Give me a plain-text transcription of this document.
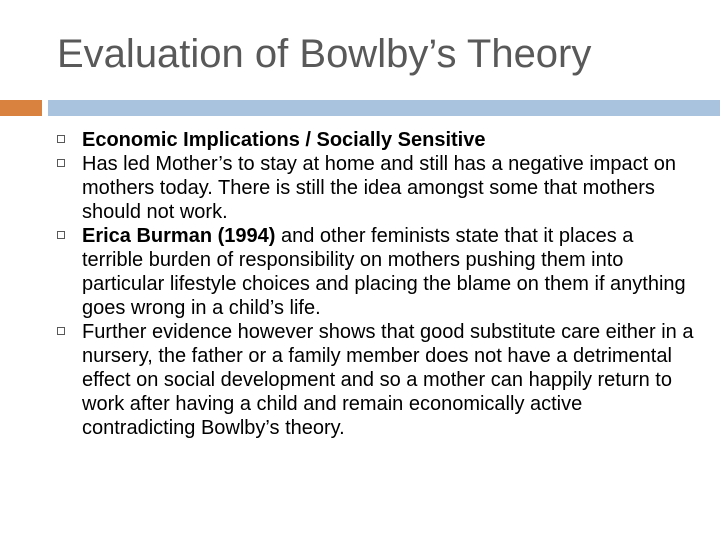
Evaluation of Bowlby’s Theory
Economic Implications / Socially Sensitive
Has led Mother’s to stay at home and still has a negative impact on mothers today. There is still the idea amongst some that mothers should not work.
Erica Burman (1994) and other feminists state that it places a terrible burden of responsibility on mothers pushing them into particular lifestyle choices and placing the blame on them if anything goes wrong in a child’s life.
Further evidence however shows that good substitute care either in a nursery, the father or a family member does not have a detrimental effect on social development and so a mother can happily return to work after having a child and remain economically active contradicting Bowlby’s theory.
